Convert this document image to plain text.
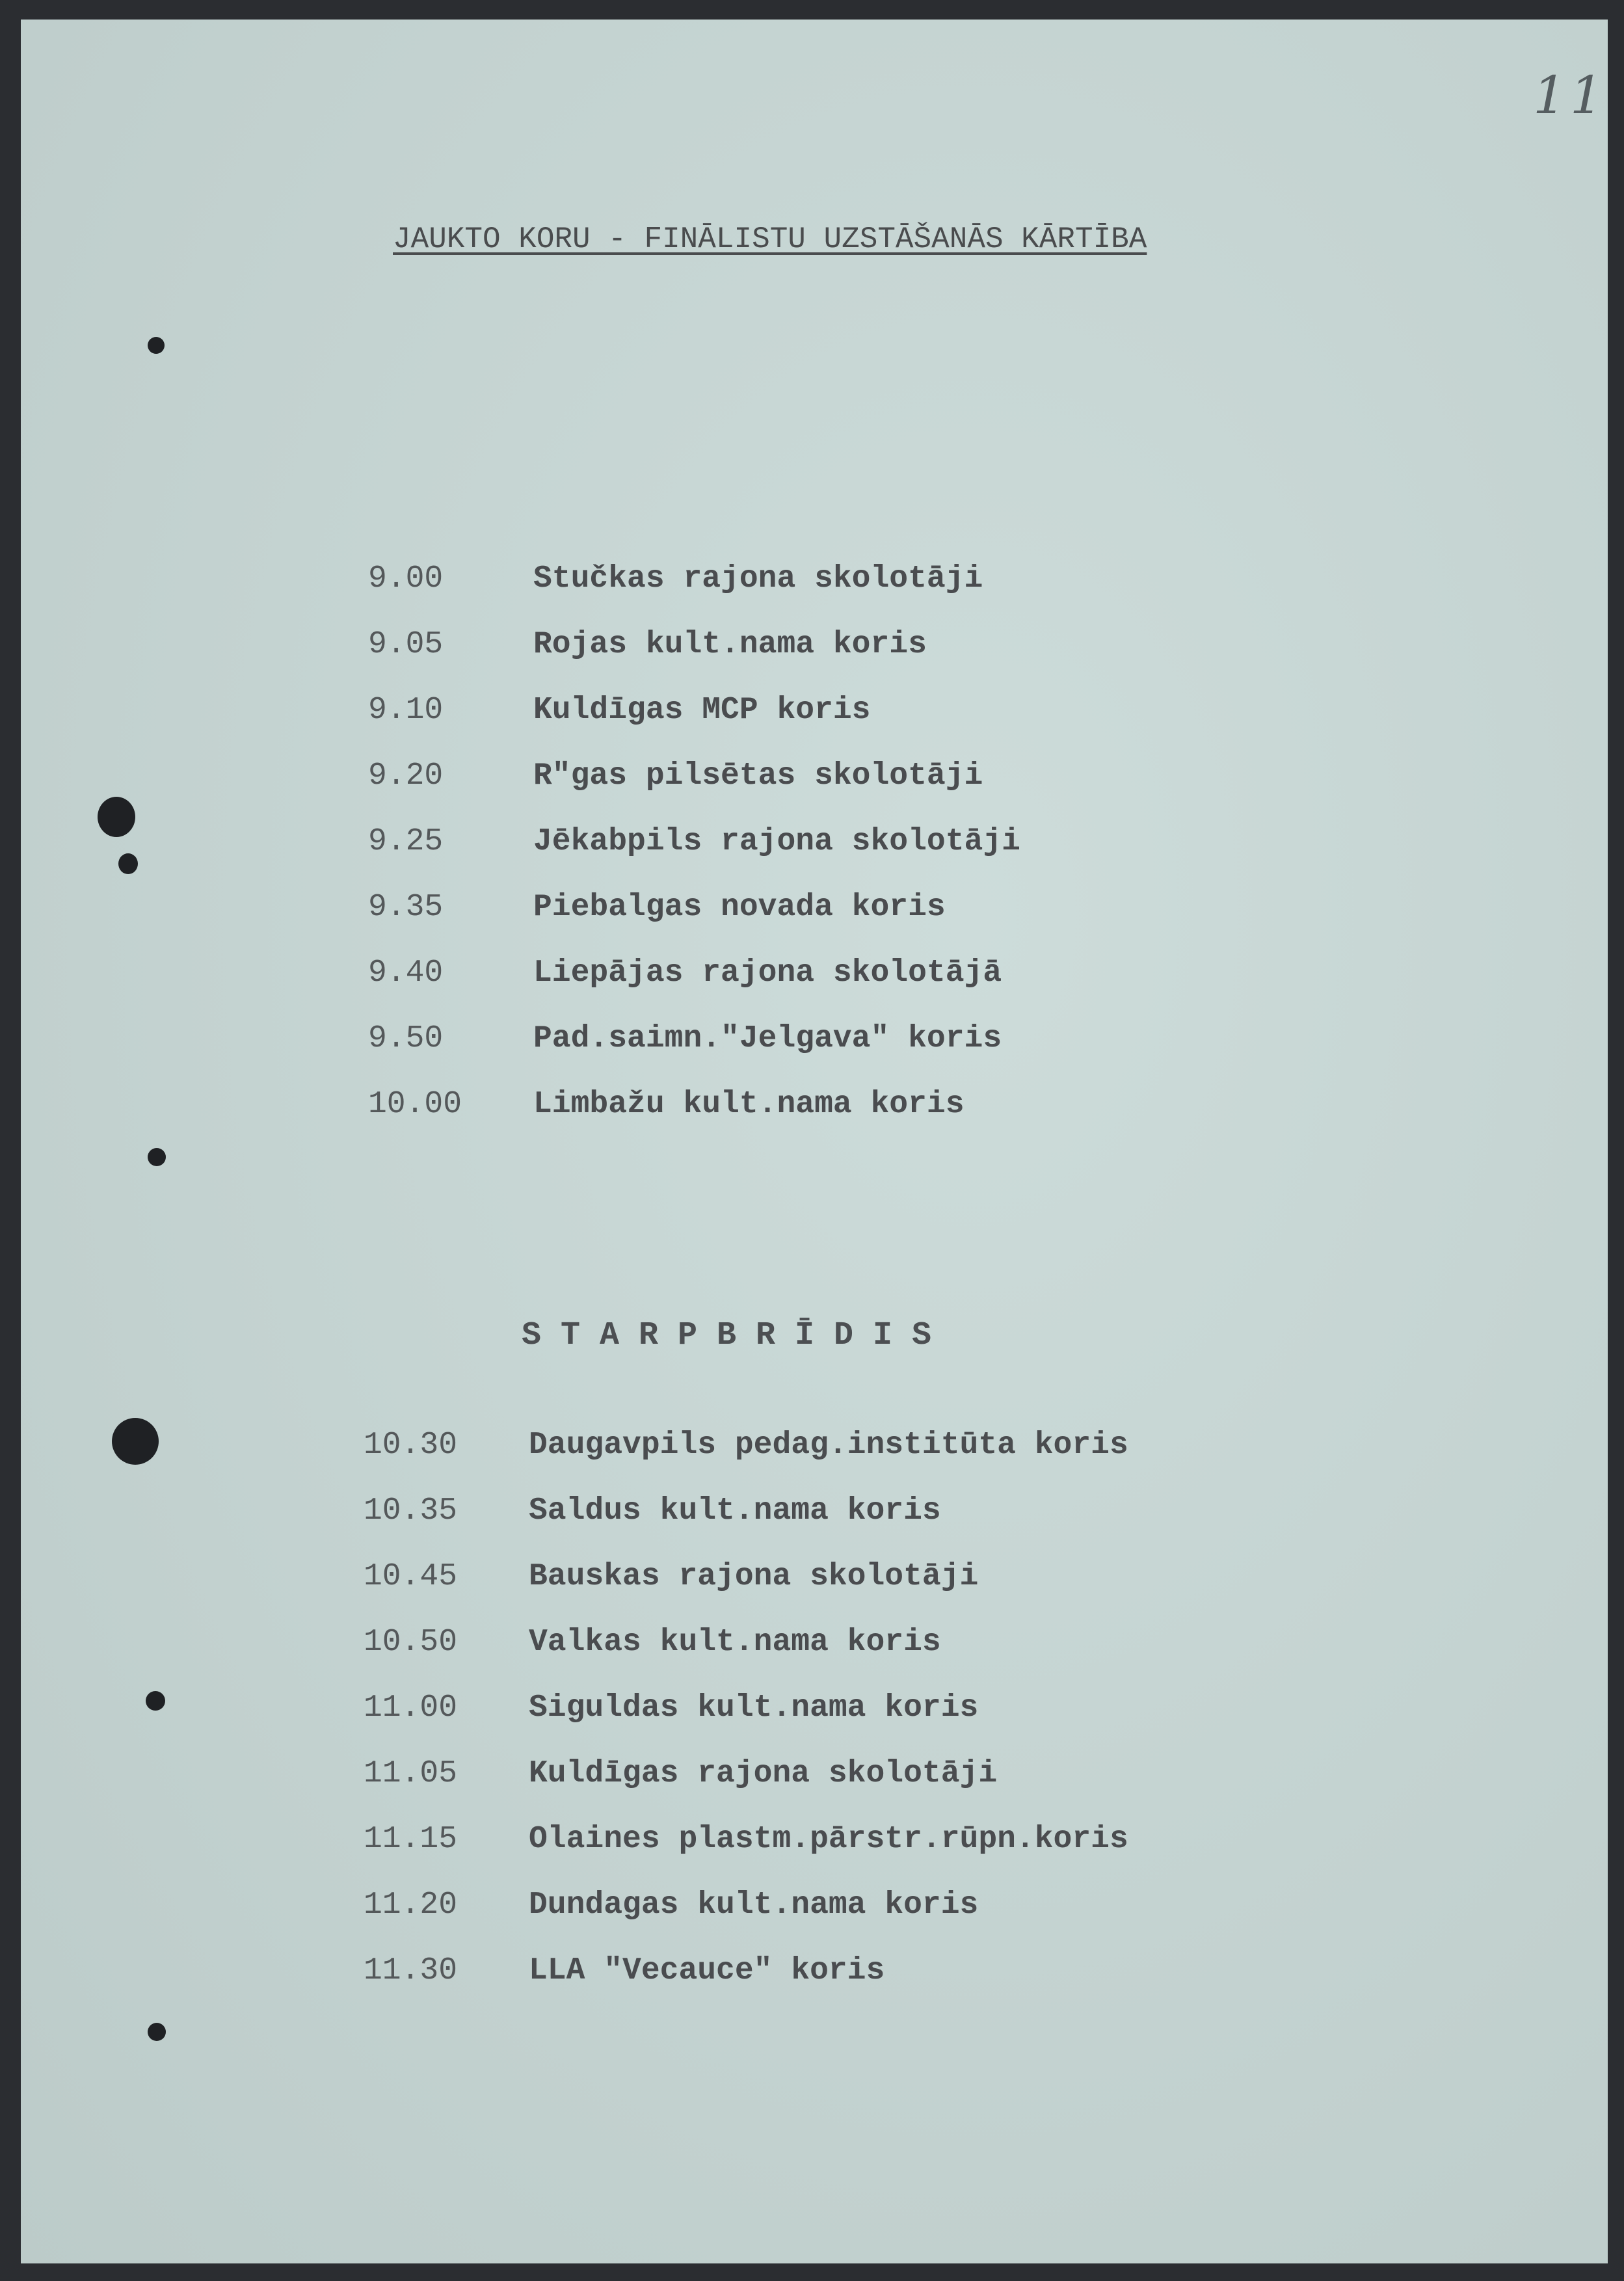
11
JAUKTO KORU - FINĀLISTU UZSTĀŠANĀS KĀRTĪBA
9.00	Stučkas rajona skolotāji
9.05	Rojas kult.nama koris
9.10	Kuldīgas MCP koris
9.20	R"gas pilsētas skolotāji
9.25	Jēkabpils rajona skolotāji
9.35	Piebalgas novada koris
9.40	Liepājas rajona skolotājā
9.50	Pad.saimn."Jelgava" koris
10.00 Limbažu kult.nama koris
STARPBRĪDIS
10.30 Daugavpils pedag.institūta koris
10.35 Saldus kult.nama koris
10.45 Bauskas rajona skolotāji
10.50 Valkas kult.nama koris
11.00 Siguldas kult.nama koris
11.05 Kuldīgas rajona skolotāji
11.15 Olaines plastm.pārstr.rūpn.koris
11.20 Dundagas kult.nama koris
11.30 LLA "Vecauce" koris
